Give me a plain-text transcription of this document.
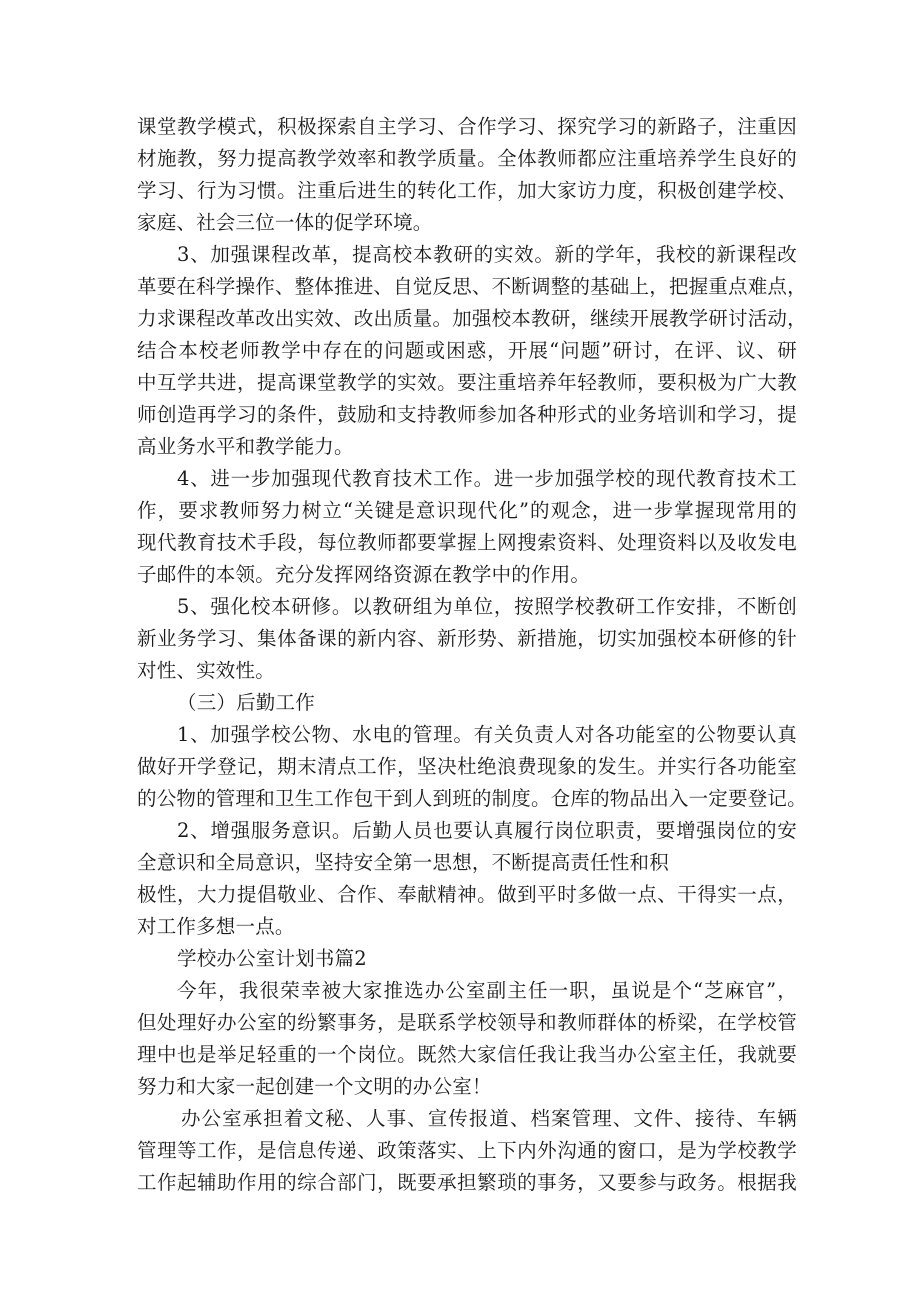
课堂教学模式，积极探索自主学习、合作学习、探究学习的新路子，注重因
材施教，努力提高教学效率和教学质量。全体教师都应注重培养学生良好的
学习、行为习惯。注重后进生的转化工作，加大家访力度，积极创建学校、
家庭、社会三位一体的促学环境。
3、加强课程改革，提高校本教研的实效。新的学年，我校的新课程改
革要在科学操作、整体推进、自觉反思、不断调整的基础上，把握重点难点，
力求课程改革改出实效、改出质量。加强校本教研，继续开展教学研讨活动，
结合本校老师教学中存在的问题或困惑，开展“问题”研讨，在评、议、研
中互学共进，提高课堂教学的实效。要注重培养年轻教师，要积极为广大教
师创造再学习的条件，鼓励和支持教师参加各种形式的业务培训和学习，提
高业务水平和教学能力。
4、进一步加强现代教育技术工作。进一步加强学校的现代教育技术工
作，要求教师努力树立“关键是意识现代化”的观念，进一步掌握现常用的
现代教育技术手段，每位教师都要掌握上网搜索资料、处理资料以及收发电
子邮件的本领。充分发挥网络资源在教学中的作用。
5、强化校本研修。以教研组为单位，按照学校教研工作安排，不断创
新业务学习、集体备课的新内容、新形势、新措施，切实加强校本研修的针
对性、实效性。
（三）后勤工作
1、加强学校公物、水电的管理。有关负责人对各功能室的公物要认真
做好开学登记，期末清点工作，坚决杜绝浪费现象的发生。并实行各功能室
的公物的管理和卫生工作包干到人到班的制度。仓库的物品出入一定要登记。
2、增强服务意识。后勤人员也要认真履行岗位职责，要增强岗位的安
全意识和全局意识，坚持安全第一思想，不断提高责任性和积
极性，大力提倡敬业、合作、奉献精神。做到平时多做一点、干得实一点，
对工作多想一点。
学校办公室计划书篇2
今年，我很荣幸被大家推选办公室副主任一职，虽说是个“芝麻官”，
但处理好办公室的纷繁事务，是联系学校领导和教师群体的桥梁，在学校管
理中也是举足轻重的一个岗位。既然大家信任我让我当办公室主任，我就要
努力和大家一起创建一个文明的办公室！
办公室承担着文秘、人事、宣传报道、档案管理、文件、接待、车辆
管理等工作，是信息传递、政策落实、上下内外沟通的窗口，是为学校教学
工作起辅助作用的综合部门，既要承担繁琐的事务，又要参与政务。根据我
